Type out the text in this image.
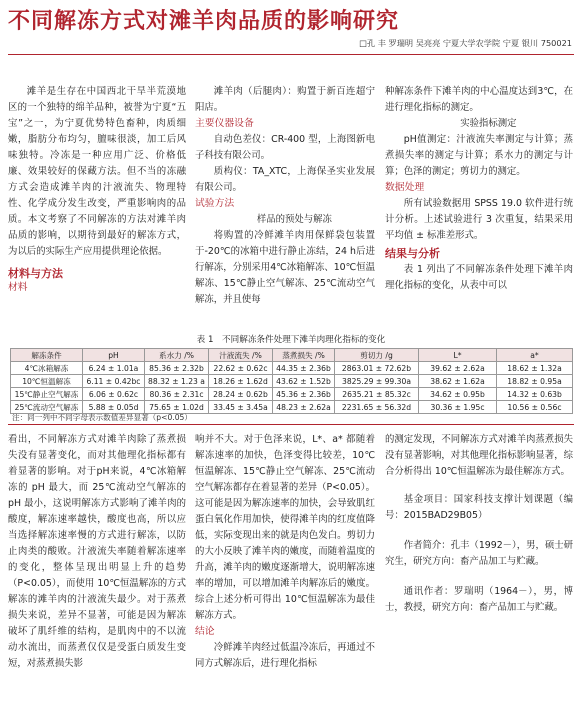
不同解冻方式对滩羊肉品质的影响研究
□孔 丰 罗瑞明 吴亮亮 宁夏大学农学院 宁夏 银川 750021

滩羊是生存在中国西北干旱半荒漠地区的一个独特的绵羊品种，被誉为宁夏“五宝”之一，为宁夏优势特色畜种，肉质细嫩，脂肪分布均匀，膻味很淡，加工后风味独特。冷冻是一种应用广泛、价格低廉、效果较好的保藏方法。但不当的冻融方式会造成滩羊肉的汁液流失、物理特性、化学成分发生改变，严重影响肉的品质。本文考察了不同解冻的方法对滩羊肉品质的影响，以期待到最好的解冻方式，为以后的实际生产应用提供理论依据。

材料与方法
材料

滩羊肉（后腿肉）：购置于新百连超宁阳店。

主要仪器设备

自动色差仪：CR-400 型，上海图新电子科技有限公司。

质构仪：TA_XTC，上海保圣实业发展有限公司。

试验方法

样品的预处与解冻

将购置的冷鲜滩羊肉用保鲜袋包装置于-20℃的冰箱中进行静止冻结，24 h后进行解冻，分别采用4℃冰箱解冻、10℃恒温解冻、15℃静止空气解冻、25℃流动空气解冻，并且使每

种解冻条件下滩羊肉的中心温度达到3℃，在进行理化指标的测定。

实验指标测定

pH值测定：汁液流失率测定与计算；蒸煮损失率的测定与计算；系水力的测定与计算；色泽的测定；剪切力的测定。

数据处理

所有试验数据用 SPSS 19.0 软件进行统计分析。上述试验进行 3 次重复，结果采用平均值 ± 标准差形式。

结果与分析

表 1 列出了不同解冻条件处理下滩羊肉理化指标的变化，从表中可以

表 1　不同解冻条件处理下滩羊肉理化指标的变化
解冻条件	pH	系水力 /%	汁液流失 /%	蒸煮损失 /%	剪切力 /g	L*	a*
4℃冰箱解冻	6.24 ± 1.01a	85.36 ± 2.32b	22.62 ± 0.62c	44.35 ± 2.36b	2863.01 ± 72.62b	39.62 ± 2.62a	18.62 ± 1.32a
10℃恒温解冻	6.11 ± 0.42bc	88.32 ± 1.23 a	18.26 ± 1.62d	43.62 ± 1.52b	3825.29 ± 99.30a	38.62 ± 1.62a	18.82 ± 0.95a
15℃静止空气解冻	6.06 ± 0.62c	80.36 ± 2.31c	28.24 ± 0.62b	45.36 ± 2.36b	2635.21 ± 85.32c	34.62 ± 0.95b	14.32 ± 0.63b
25℃流动空气解冻	5.88 ± 0.05d	75.65 ± 1.02d	33.45 ± 3.45a	48.23 ± 2.62a	2231.65 ± 56.32d	30.36 ± 1.95c	10.56 ± 0.56c
注：同一列中不同字母表示数值差异显著（p<0.05）

看出，不同解冻方式对滩羊肉除了蒸煮损失没有显著变化，而对其他理化指标都有着显著的影响。对于pH来说，4℃冰箱解冻的 pH 最大，而 25℃流动空气解冻的 pH 最小，这说明解冻方式影响了滩羊肉的酸度，解冻速率越快，酸度也高，所以应当选择解冻速率慢的方式进行解冻，以防止肉类的酸败。汁液流失率随着解冻速率的变化，整体呈现出明显上升的趋势（P<0.05），而使用 10℃恒温解冻的方式解冻的滩羊肉的汁液流失最少。对于蒸煮损失来说，差异不显著，可能是因为解冻破坏了肌纤维的结构，是肌肉中的不以流动水流出，而蒸煮仅仅是受蛋白质发生变短，对蒸煮损失影

响并不大。对于色泽来说，L*、a* 都随着解冻速率的加快，色泽变得比较差，10℃恒温解冻、15℃静止空气解冻、25℃流动空气解冻都存在着显著的差异（P<0.05）。这可能是因为解冻速率的加快，会导致肌红蛋白氧化作用加快，使得滩羊肉的红度值降低，实际变现出来的就是肉色发白。剪切力的大小反映了滩羊肉的嫩度，而随着温度的升高，滩羊肉的嫩度逐渐增大，说明解冻速率的增加，可以增加滩羊肉解冻后的嫩度。综合上述分析可得出 10℃恒温解冻为最佳解冻方式。

结论

冷鲜滩羊肉经过低温冷冻后，再通过不同方式解冻后，进行理化指标

的测定发现，不同解冻方式对滩羊肉蒸煮损失没有显著影响，对其他理化指标影响显著，综合分析得出 10℃恒温解冻为最佳解冻方式。

基金项目：国家科技支撑计划课题（编号：2015BAD29B05）

作者简介：孔丰（1992－），男，硕士研究生，研究方向：畜产品加工与贮藏。

通讯作者：罗瑞明（1964－），男，博士，教授，研究方向：畜产品加工与贮藏。
